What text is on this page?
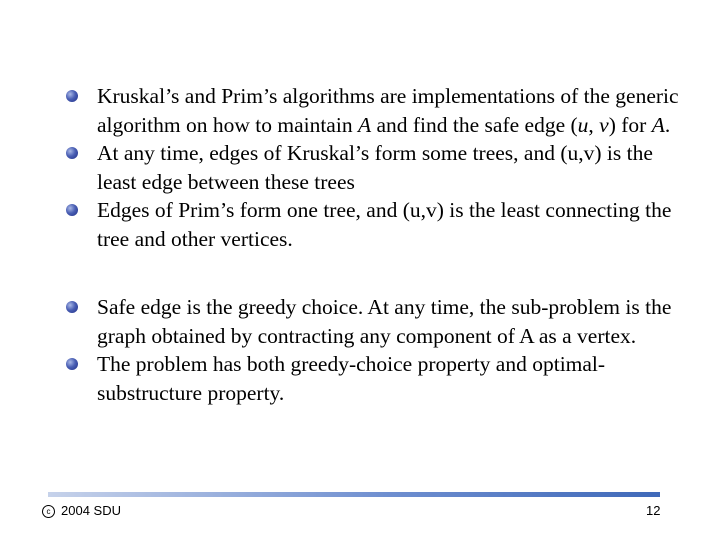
Kruskal’s and Prim’s algorithms are implementations of the generic algorithm on how to maintain A and find the safe edge (u, v) for A.
At any time, edges of Kruskal’s form some trees, and (u,v) is the least edge between these trees
Edges of Prim’s form one tree, and (u,v) is the least connecting the tree and other vertices.
Safe edge is the greedy choice. At any time, the sub-problem is the graph obtained by contracting any component of A as a vertex.
The problem has both greedy-choice property and optimal-substructure property.
c 2004 SDU	12
